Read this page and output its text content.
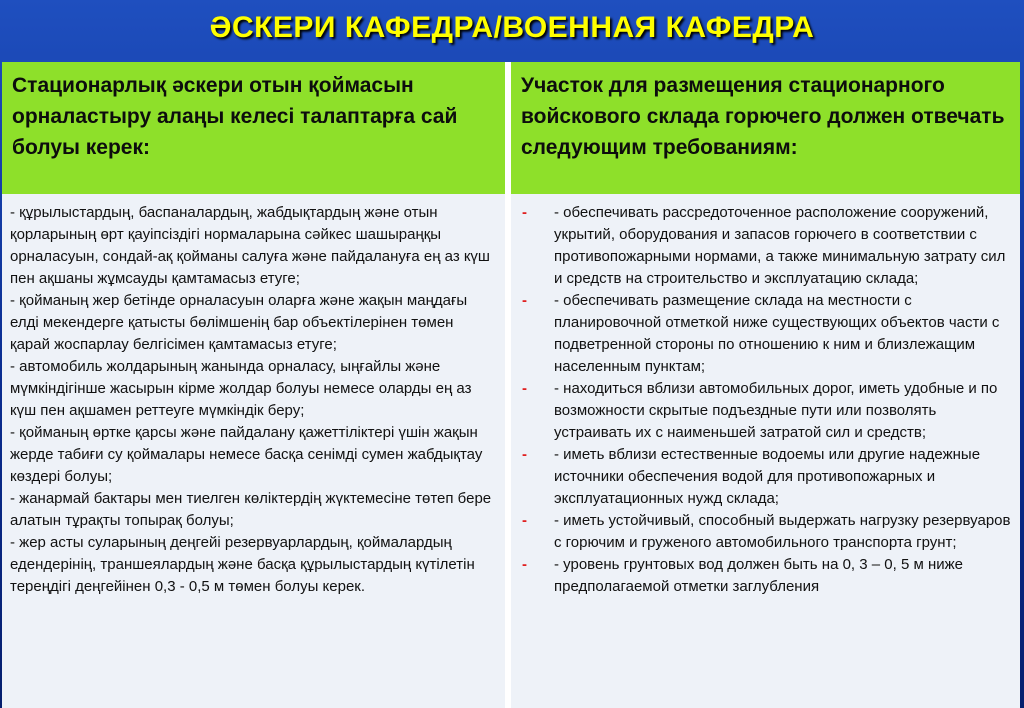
ӘСКЕРИ КАФЕДРА/ВОЕННАЯ КАФЕДРА
Стационарлық әскери отын қоймасын орналастыру алаңы келесі талаптарға сай болуы керек:
Участок для размещения стационарного войскового склада горючего должен отвечать следующим требованиям:
- құрылыстардың, баспаналардың, жабдықтардың және отын қорларының өрт қауіпсіздігі нормаларына сәйкес шашыраңқы орналасуын, сондай-ақ қойманы салуға және пайдалануға ең аз күш пен ақшаны жұмсауды қамтамасыз етуге;
- қойманың жер бетінде орналасуын оларға және жақын маңдағы елді мекендерге қатысты бөлімшенің бар объектілерінен төмен қарай жоспарлау белгісімен қамтамасыз етуге;
- автомобиль жолдарының жанында орналасу, ыңғайлы және мүмкіндігінше жасырын кірме жолдар болуы немесе оларды ең аз күш пен ақшамен реттеуге мүмкіндік беру;
- қойманың өртке қарсы және пайдалану қажеттіліктері үшін жақын жерде табиғи су қоймалары немесе басқа сенімді сумен жабдықтау көздері болуы;
- жанармай бактары мен тиелген көліктердің жүктемесіне төтеп бере алатын тұрақты топырақ болуы;
- жер асты суларының деңгейі резервуарлардың, қоймалардың едендерінің, траншеялардың және басқа құрылыстардың күтілетін тереңдігі деңгейінен 0,3 - 0,5 м төмен болуы керек.
-	- обеспечивать рассредоточенное расположение сооружений, укрытий, оборудования и запасов горючего в соответствии с противопожарными нормами, а также минимальную затрату сил и средств на строительство и эксплуатацию склада;
-	- обеспечивать размещение склада на местности с планировочной отметкой ниже существующих объектов части с подветренной стороны по отношению к ним и близлежащим населенным пунктам;
-	- находиться вблизи автомобильных дорог, иметь удобные и по возможности скрытые подъездные пути или позволять устраивать их с наименьшей затратой сил и средств;
-	- иметь вблизи естественные водоемы или другие надежные источники обеспечения водой для противопожарных и эксплуатационных нужд склада;
-	- иметь устойчивый, способный выдержать нагрузку резервуаров с горючим и груженого автомобильного транспорта грунт;
-	- уровень грунтовых вод должен быть на 0, 3 – 0, 5 м ниже предполагаемой отметки заглубления
